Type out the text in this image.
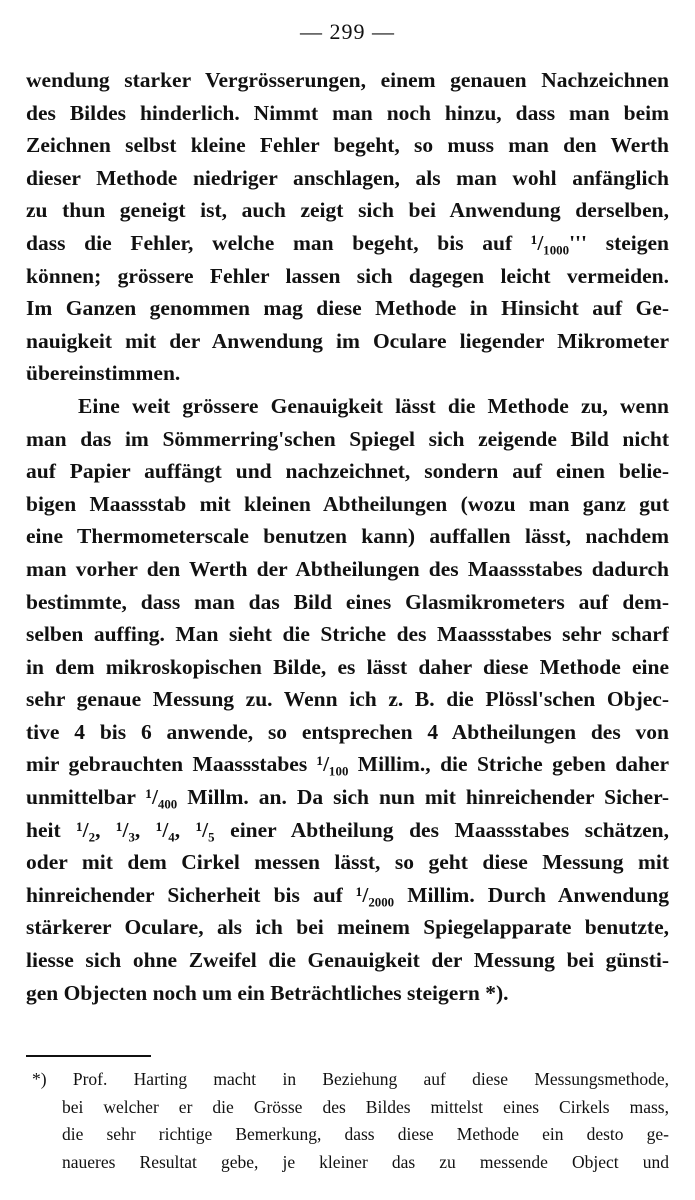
— 299 —
wendung starker Vergrösserungen, einem genauen Nachzeichnen
des Bildes hinderlich. Nimmt man noch hinzu, dass man beim
Zeichnen selbst kleine Fehler begeht, so muss man den Werth
dieser Methode niedriger anschlagen, als man wohl anfänglich
zu thun geneigt ist, auch zeigt sich bei Anwendung derselben,
dass die Fehler, welche man begeht, bis auf ¹/₁₀₀₀''' steigen
können; grössere Fehler lassen sich dagegen leicht vermeiden.
Im Ganzen genommen mag diese Methode in Hinsicht auf Ge-
nauigkeit mit der Anwendung im Oculare liegender Mikrometer
übereinstimmen.
Eine weit grössere Genauigkeit lässt die Methode zu, wenn
man das im Sömmerring'schen Spiegel sich zeigende Bild nicht
auf Papier auffängt und nachzeichnet, sondern auf einen belie-
bigen Maassstab mit kleinen Abtheilungen (wozu man ganz gut
eine Thermometerscale benutzen kann) auffallen lässt, nachdem
man vorher den Werth der Abtheilungen des Maassstabes dadurch
bestimmte, dass man das Bild eines Glasmikrometers auf dem-
selben auffing. Man sieht die Striche des Maassstabes sehr scharf
in dem mikroskopischen Bilde, es lässt daher diese Methode eine
sehr genaue Messung zu. Wenn ich z. B. die Plössl'schen Objec-
tive 4 bis 6 anwende, so entsprechen 4 Abtheilungen des von
mir gebrauchten Maassstabes ¹/₁₀₀ Millim., die Striche geben daher
unmittelbar ¹/₄₀₀ Millm. an. Da sich nun mit hinreichender Sicher-
heit ¹/₂, ¹/₃, ¹/₄, ¹/₅ einer Abtheilung des Maassstabes schätzen,
oder mit dem Cirkel messen lässt, so geht diese Messung mit
hinreichender Sicherheit bis auf ¹/₂₀₀₀ Millim. Durch Anwendung
stärkerer Oculare, als ich bei meinem Spiegelapparate benutzte,
liesse sich ohne Zweifel die Genauigkeit der Messung bei günsti-
gen Objecten noch um ein Beträchtliches steigern *).
*) Prof. Harting macht in Beziehung auf diese Messungsmethode,
bei welcher er die Grösse des Bildes mittelst eines Cirkels mass,
die sehr richtige Bemerkung, dass diese Methode ein desto ge-
naueres Resultat gebe, je kleiner das zu messende Object und
